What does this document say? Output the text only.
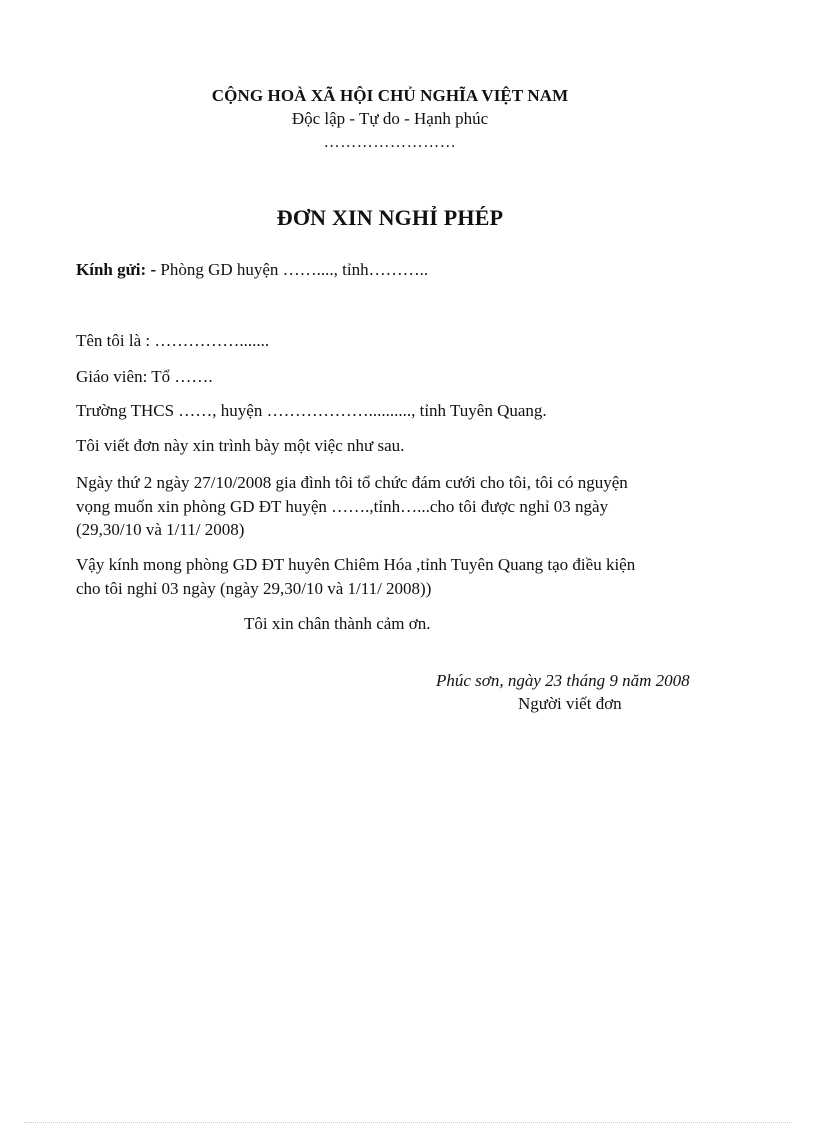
CỘNG HOÀ XÃ HỘI CHỦ NGHĨA VIỆT NAM
Độc lập - Tự do - Hạnh phúc
……………………
ĐƠN XIN NGHỈ PHÉP
Kính gửi: - Phòng GD huyện ……...., tỉnh………..
Tên tôi là : …………….......
Giáo viên: Tổ …….
Trường THCS ……, huyện ……………….........., tỉnh Tuyên Quang.
Tôi viết đơn này xin trình bày một việc như sau.
Ngày thứ 2 ngày 27/10/2008 gia đình tôi tổ chức đám cưới cho tôi, tôi có nguyện
vọng muốn xin phòng GD ĐT huyện …….,tỉnh…...cho tôi được nghỉ 03 ngày
(29,30/10 và 1/11/ 2008)
Vậy kính mong phòng GD ĐT huyên Chiêm Hóa ,tỉnh Tuyên Quang tạo điều kiện
cho tôi nghỉ 03 ngày (ngày 29,30/10 và 1/11/ 2008))
Tôi xin chân thành cảm ơn.
Phúc sơn, ngày 23 tháng 9 năm 2008
Người viết đơn
